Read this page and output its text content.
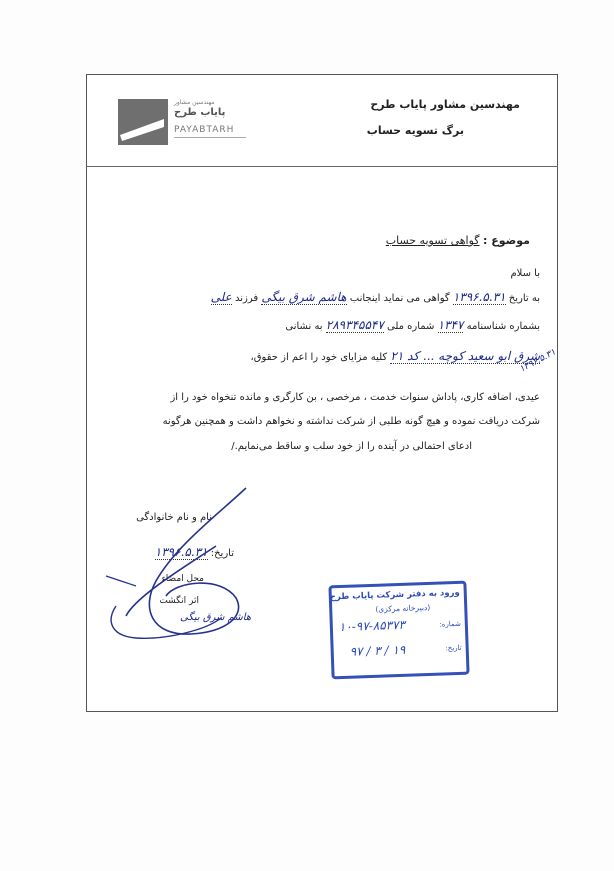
مهندسین مشاور
پایاب طرح
PAYABTARH
مهندسین مشاور پایاب طرح
برگ تسویه حساب
موضوع : گواهی تسویه حساب
با سلام
به تاریخ ۱۳۹۶.۵.۳۱ گواهی می نماید اینجانب هاشم شرق بیگی فرزند علی
بشماره شناسنامه ۱۳۴۷ شماره ملی ۲۸۹۳۴۵۵۴۷ به نشانی
شرق ابو سعید کوچه ... کد ۲۱ کلیه مزایای خود را اعم از حقوق،
عیدی، اضافه کاری، پاداش سنوات خدمت ، مرخصی ، بن کارگری و مانده تنخواه خود را از
شرکت دریافت نموده و هیچ گونه طلبی از شرکت نداشته و نخواهم داشت و همچنین هرگونه
ادعای احتمالی در آینده را از خود سلب و ساقط می‌نمایم./
۱۳۹۶.۵.۳۱
نام و نام خانوادگی
تاریخ: ۱۳۹۶.۵.۳۱
محل امضاء
اثر انگشت
هاشم شرق بیگی
ورود به دفتر شرکت پایاب طرح
(دبیرخانه مرکزی)
شماره:
۱۰-۹۷-۸۵۳۷۳
تاریخ:
۹۷ / ۳ / ۱۹
